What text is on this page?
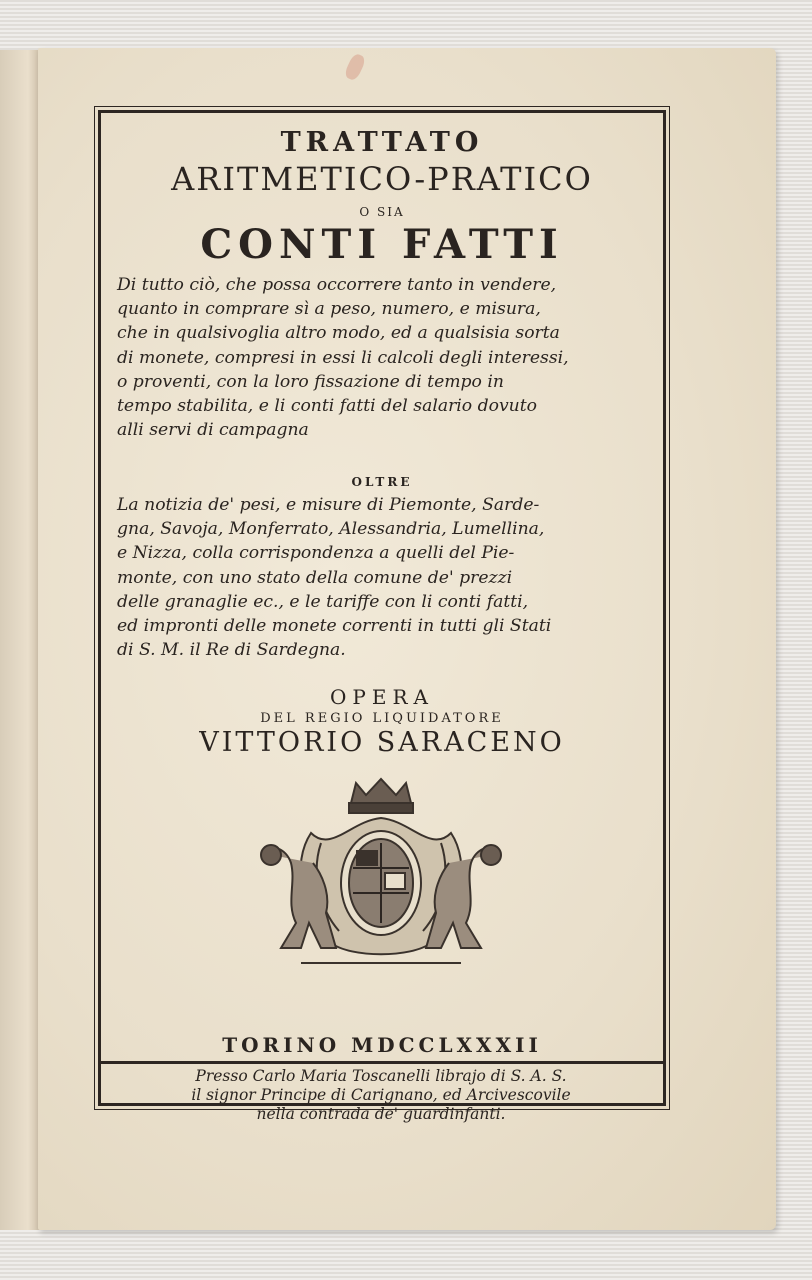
TRATTATO
ARITMETICO-PRATICO
O SIA
CONTI FATTI
Di tutto ciò, che possa occorrere tanto in vendere,
quanto in comprare sì a peso, numero, e misura,
che in qualsivoglia altro modo, ed a qualsisia sorta
di monete, compresi in essi li calcoli degli interessi,
o proventi, con la loro fissazione di tempo in
tempo stabilita, e li conti fatti del salario dovuto
alli servi di campagna
OLTRE
La notizia de' pesi, e misure di Piemonte, Sarde-
gna, Savoja, Monferrato, Alessandria, Lumellina,
e Nizza, colla corrispondenza a quelli del Pie-
monte, con uno stato della comune de' prezzi
delle granaglie ec., e le tariffe con li conti fatti,
ed impronti delle monete correnti in tutti gli Stati
di S. M. il Re di Sardegna.
OPERA
DEL REGIO LIQUIDATORE
VITTORIO SARACENO
TORINO MDCCLXXXII
Presso Carlo Maria Toscanelli librajo di S. A. S.
il signor Principe di Carignano, ed Arcivescovile
nella contrada de' guardinfanti.
